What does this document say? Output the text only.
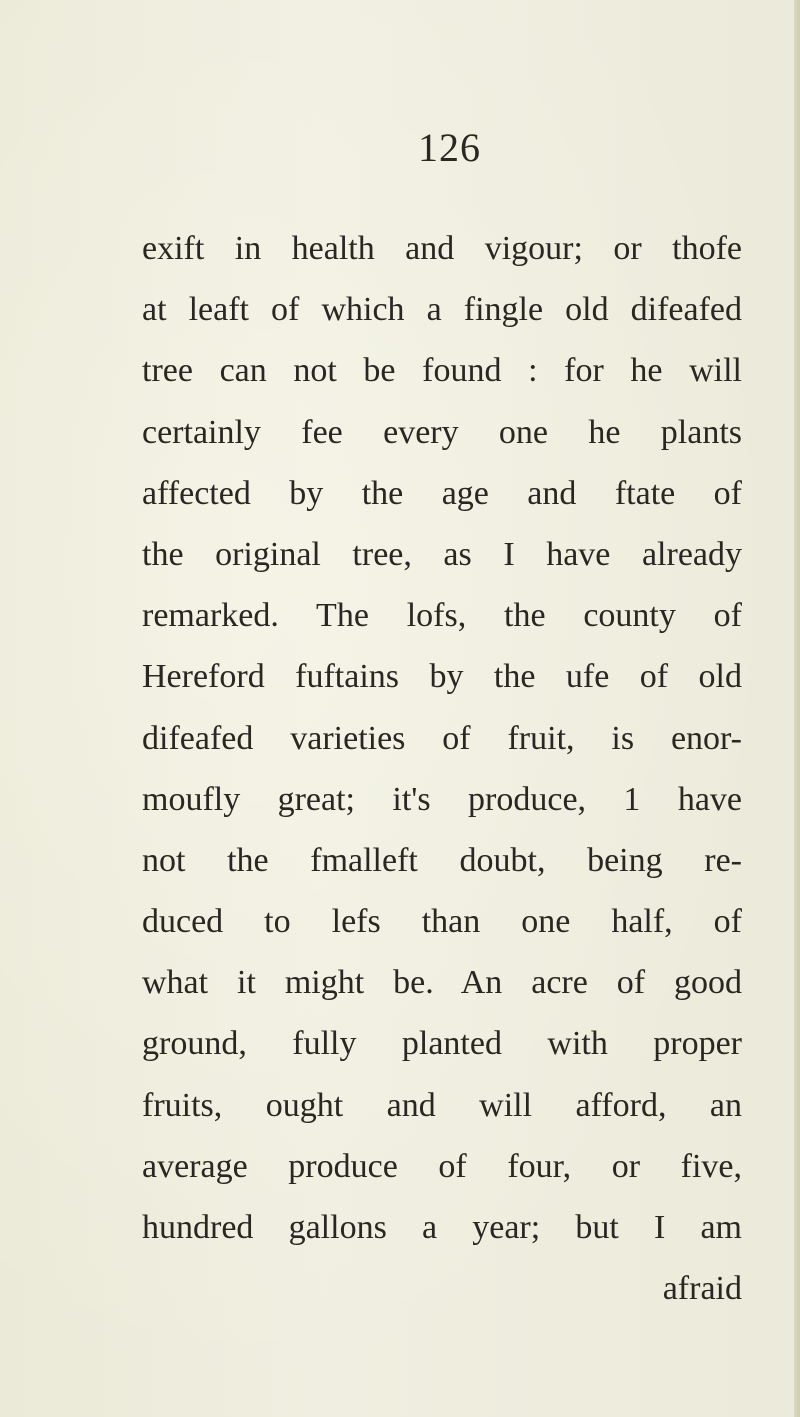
126
exift in health and vigour; or thofe
at leaft of which a fingle old difeafed
tree can not be found : for he will
certainly fee every one he plants
affected by the age and ftate of
the original tree, as I have already
remarked. The lofs, the county of
Hereford fuftains by the ufe of old
difeafed varieties of fruit, is enor-
moufly great; it's produce, 1 have
not the fmalleft doubt, being re-
duced to lefs than one half, of
what it might be. An acre of good
ground, fully planted with proper
fruits, ought and will afford, an
average produce of four, or five,
hundred gallons a year; but I am
afraid
